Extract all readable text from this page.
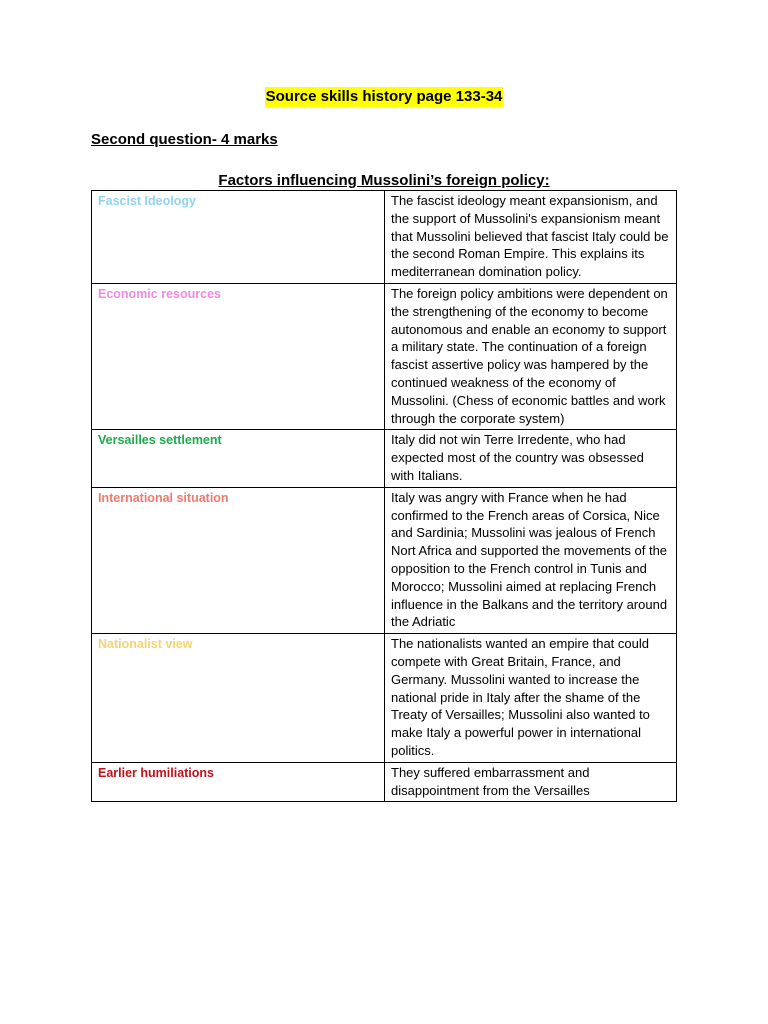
Source skills history page 133-34
Second question- 4 marks
Factors influencing Mussolini’s foreign policy:
Fascist Ideology	The fascist ideology meant expansionism, and the support of Mussolini's expansionism meant that Mussolini believed that fascist Italy could be the second Roman Empire. This explains its mediterranean domination policy.
Economic resources	The foreign policy ambitions were dependent on the strengthening of the economy to become autonomous and enable an economy to support a military state. The continuation of a foreign fascist assertive policy was hampered by the continued weakness of the economy of Mussolini. (Chess of economic battles and work through the corporate system)
Versailles settlement	Italy did not win Terre Irredente, who had expected most of the country was obsessed with Italians.
International situation	Italy was angry with France when he had confirmed to the French areas of Corsica, Nice and Sardinia; Mussolini was jealous of French Nort Africa and supported the movements of the opposition to the French control in Tunis and Morocco; Mussolini aimed at replacing French influence in the Balkans and the territory around the Adriatic
Nationalist view	The nationalists wanted an empire that could compete with Great Britain, France, and Germany. Mussolini wanted to increase the national pride in Italy after the shame of the Treaty of Versailles; Mussolini also wanted to make Italy a powerful power in international politics.
Earlier humiliations	They suffered embarrassment and disappointment from the Versailles
